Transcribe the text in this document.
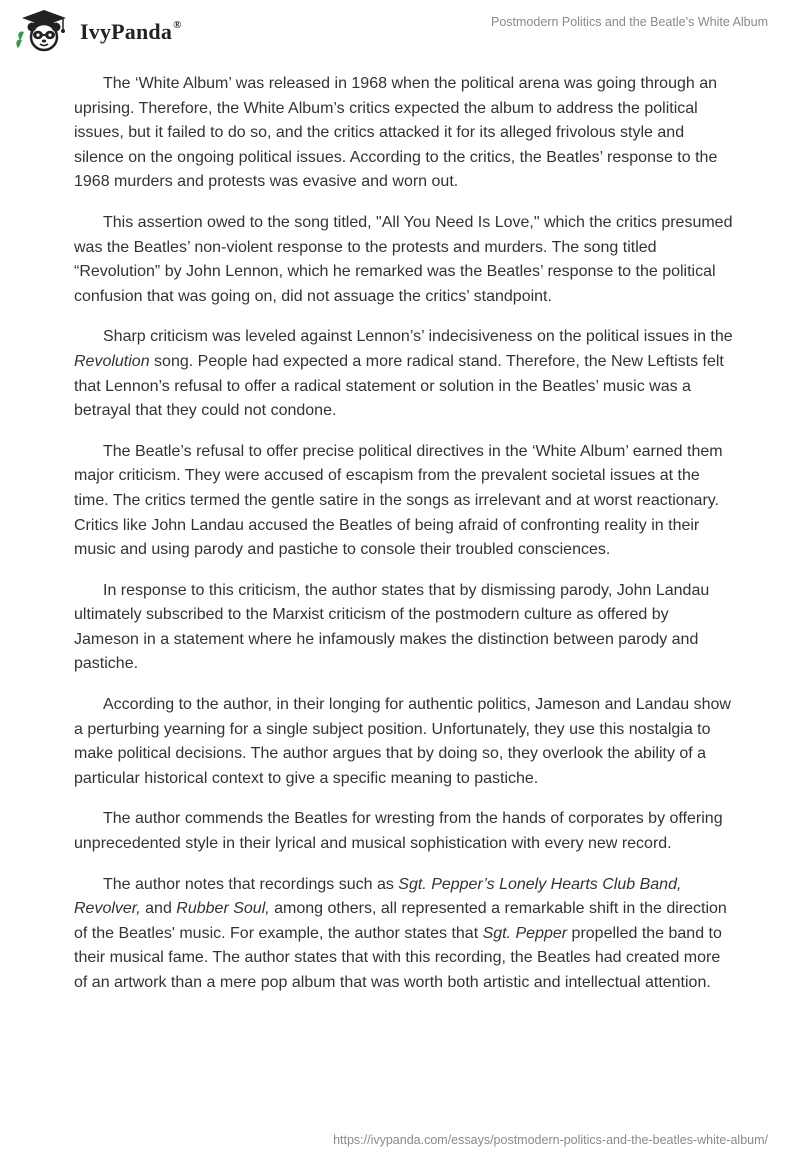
IvyPanda®	Postmodern Politics and the Beatle’s White Album

The ‘White Album’ was released in 1968 when the political arena was going through an uprising. Therefore, the White Album’s critics expected the album to address the political issues, but it failed to do so, and the critics attacked it for its alleged frivolous style and silence on the ongoing political issues. According to the critics, the Beatles’ response to the 1968 murders and protests was evasive and worn out.

This assertion owed to the song titled, "All You Need Is Love," which the critics presumed was the Beatles’ non-violent response to the protests and murders. The song titled “Revolution” by John Lennon, which he remarked was the Beatles’ response to the political confusion that was going on, did not assuage the critics’ standpoint.

Sharp criticism was leveled against Lennon’s’ indecisiveness on the political issues in the Revolution song. People had expected a more radical stand. Therefore, the New Leftists felt that Lennon’s refusal to offer a radical statement or solution in the Beatles’ music was a betrayal that they could not condone.

The Beatle’s refusal to offer precise political directives in the ‘White Album’ earned them major criticism. They were accused of escapism from the prevalent societal issues at the time. The critics termed the gentle satire in the songs as irrelevant and at worst reactionary. Critics like John Landau accused the Beatles of being afraid of confronting reality in their music and using parody and pastiche to console their troubled consciences.

In response to this criticism, the author states that by dismissing parody, John Landau ultimately subscribed to the Marxist criticism of the postmodern culture as offered by Jameson in a statement where he infamously makes the distinction between parody and pastiche.

According to the author, in their longing for authentic politics, Jameson and Landau show a perturbing yearning for a single subject position. Unfortunately, they use this nostalgia to make political decisions. The author argues that by doing so, they overlook the ability of a particular historical context to give a specific meaning to pastiche.

The author commends the Beatles for wresting from the hands of corporates by offering unprecedented style in their lyrical and musical sophistication with every new record.

The author notes that recordings such as Sgt. Pepper’s Lonely Hearts Club Band, Revolver, and Rubber Soul, among others, all represented a remarkable shift in the direction of the Beatles' music. For example, the author states that Sgt. Pepper propelled the band to their musical fame. The author states that with this recording, the Beatles had created more of an artwork than a mere pop album that was worth both artistic and intellectual attention.

https://ivypanda.com/essays/postmodern-politics-and-the-beatles-white-album/
